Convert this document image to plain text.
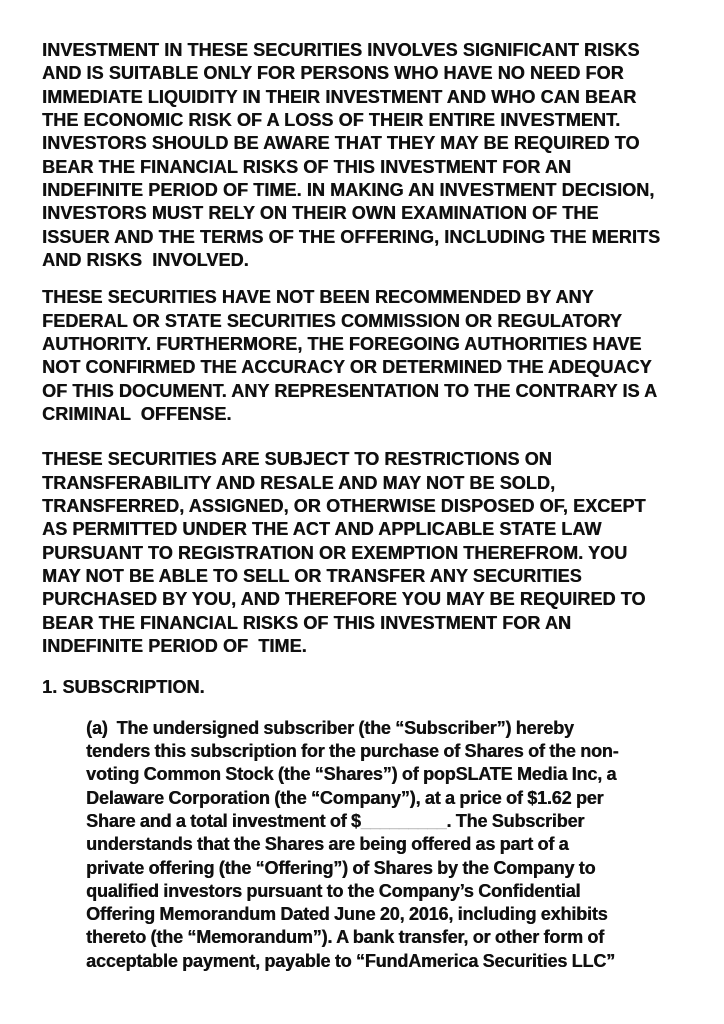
INVESTMENT IN THESE SECURITIES INVOLVES SIGNIFICANT RISKS
AND IS SUITABLE ONLY FOR PERSONS WHO HAVE NO NEED FOR
IMMEDIATE LIQUIDITY IN THEIR INVESTMENT AND WHO CAN BEAR
THE ECONOMIC RISK OF A LOSS OF THEIR ENTIRE INVESTMENT.
INVESTORS SHOULD BE AWARE THAT THEY MAY BE REQUIRED TO
BEAR THE FINANCIAL RISKS OF THIS INVESTMENT FOR AN
INDEFINITE PERIOD OF TIME. IN MAKING AN INVESTMENT DECISION,
INVESTORS MUST RELY ON THEIR OWN EXAMINATION OF THE
ISSUER AND THE TERMS OF THE OFFERING, INCLUDING THE MERITS
AND RISKS  INVOLVED.
THESE SECURITIES HAVE NOT BEEN RECOMMENDED BY ANY
FEDERAL OR STATE SECURITIES COMMISSION OR REGULATORY
AUTHORITY. FURTHERMORE, THE FOREGOING AUTHORITIES HAVE
NOT CONFIRMED THE ACCURACY OR DETERMINED THE ADEQUACY
OF THIS DOCUMENT. ANY REPRESENTATION TO THE CONTRARY IS A
CRIMINAL  OFFENSE.
THESE SECURITIES ARE SUBJECT TO RESTRICTIONS ON
TRANSFERABILITY AND RESALE AND MAY NOT BE SOLD,
TRANSFERRED, ASSIGNED, OR OTHERWISE DISPOSED OF, EXCEPT
AS PERMITTED UNDER THE ACT AND APPLICABLE STATE LAW
PURSUANT TO REGISTRATION OR EXEMPTION THEREFROM. YOU
MAY NOT BE ABLE TO SELL OR TRANSFER ANY SECURITIES
PURCHASED BY YOU, AND THEREFORE YOU MAY BE REQUIRED TO
BEAR THE FINANCIAL RISKS OF THIS INVESTMENT FOR AN
INDEFINITE PERIOD OF  TIME.
1. SUBSCRIPTION.
(a)  The undersigned subscriber (the “Subscriber”) hereby
tenders this subscription for the purchase of Shares of the non-
voting Common Stock (the “Shares”) of popSLATE Media Inc, a
Delaware Corporation (the “Company”), at a price of $1.62 per
Share and a total investment of $_________. The Subscriber
understands that the Shares are being offered as part of a
private offering (the “Offering”) of Shares by the Company to
qualified investors pursuant to the Company’s Confidential
Offering Memorandum Dated June 20, 2016, including exhibits
thereto (the “Memorandum”). A bank transfer, or other form of
acceptable payment, payable to “FundAmerica Securities LLC”
